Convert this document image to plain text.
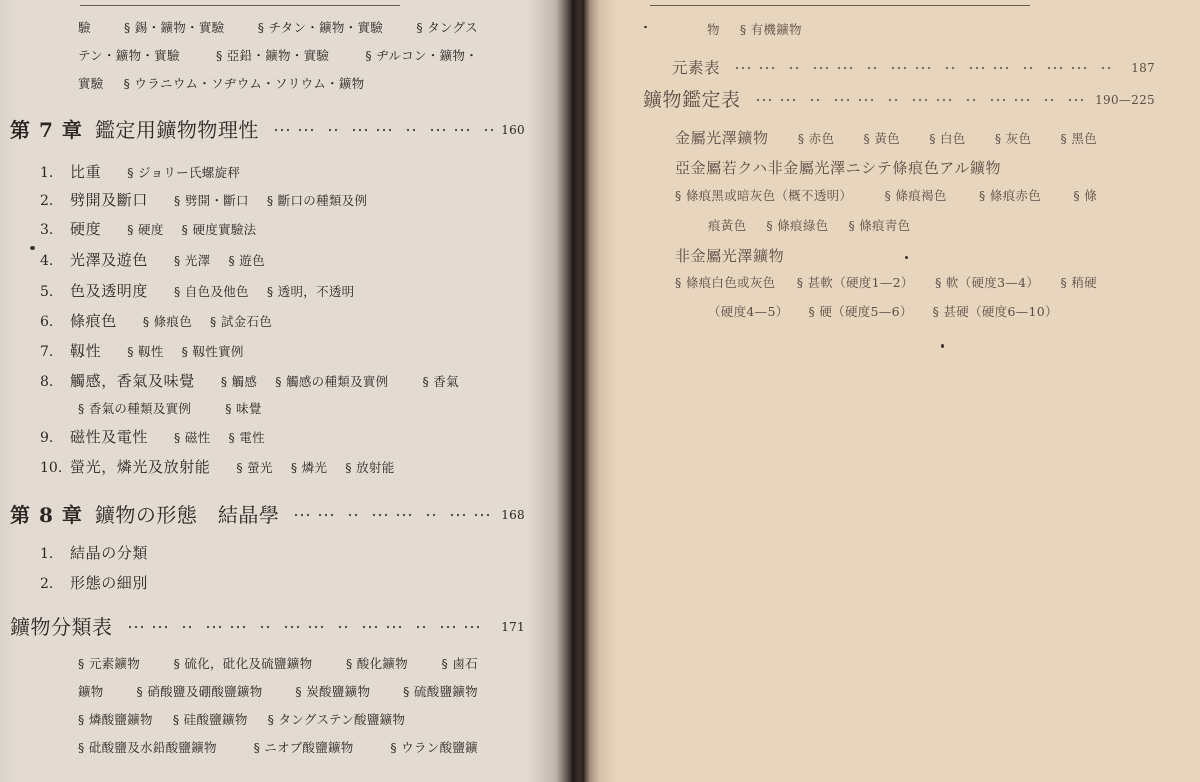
驗	§ 錫・鑛物・實驗	§ チタン・鑛物・實驗	§ タングス
テン・鑛物・實驗	§ 亞鉛・鑛物・實驗	§ ヂルコン・鑛物・
實驗 § ウラニウム・ソヂウム・ソリウム・鑛物
第 7 章 鑑定用鑛物物理性	160
1.	比重 § ジョリー氏螺旋秤
2.	劈開及斷口 § 劈開・斷口 § 斷口の種類及例
3.	硬度 § 硬度 § 硬度實驗法
4.	光澤及遊色 § 光澤 § 遊色
5.	色及透明度 § 自色及他色 § 透明，不透明
6.	條痕色 § 條痕色 § 試金石色
7.	靱性 § 靱性 § 靱性實例
8.	觸感，香氣及味覺 § 觸感 § 觸感の種類及實例	§ 香氣
§ 香氣の種類及實例	§ 味覺
9.	磁性及電性 § 磁性 § 電性
10. 螢光，燐光及放射能 § 螢光 § 燐光 § 放射能
第 8 章 鑛物の形態　結晶學	168
1.	結晶の分類
2.	形態の細別
鑛物分類表	171
§ 元素鑛物	§ 硫化，砒化及硫鹽鑛物	§ 酸化鑛物	§ 鹵石
鑛物	§ 硝酸鹽及硼酸鹽鑛物	§ 炭酸鹽鑛物	§ 硫酸鹽鑛物
§ 燐酸鹽鑛物 § 硅酸鹽鑛物 § タングステン酸鹽鑛物
§ 砒酸鹽及水鉛酸鹽鑛物	§ ニオブ酸鹽鑛物	§ ウラン酸鹽鑛
物 § 有機鑛物
元素表	187
鑛物鑑定表	190—225
金屬光澤鑛物 § 赤色 § 黃色 § 白色 § 灰色 § 黑色
亞金屬若クハ非金屬光澤ニシテ條痕色アル鑛物
§ 條痕黑或暗灰色（概不透明）	§ 條痕褐色	§ 條痕赤色	§ 條
痕黃色 § 條痕綠色 § 條痕靑色
非金屬光澤鑛物
§ 條痕白色或灰色 § 甚軟（硬度1—2） § 軟（硬度3—4） § 稍硬
（硬度4—5） § 硬（硬度5—6） § 甚硬（硬度6—10）
